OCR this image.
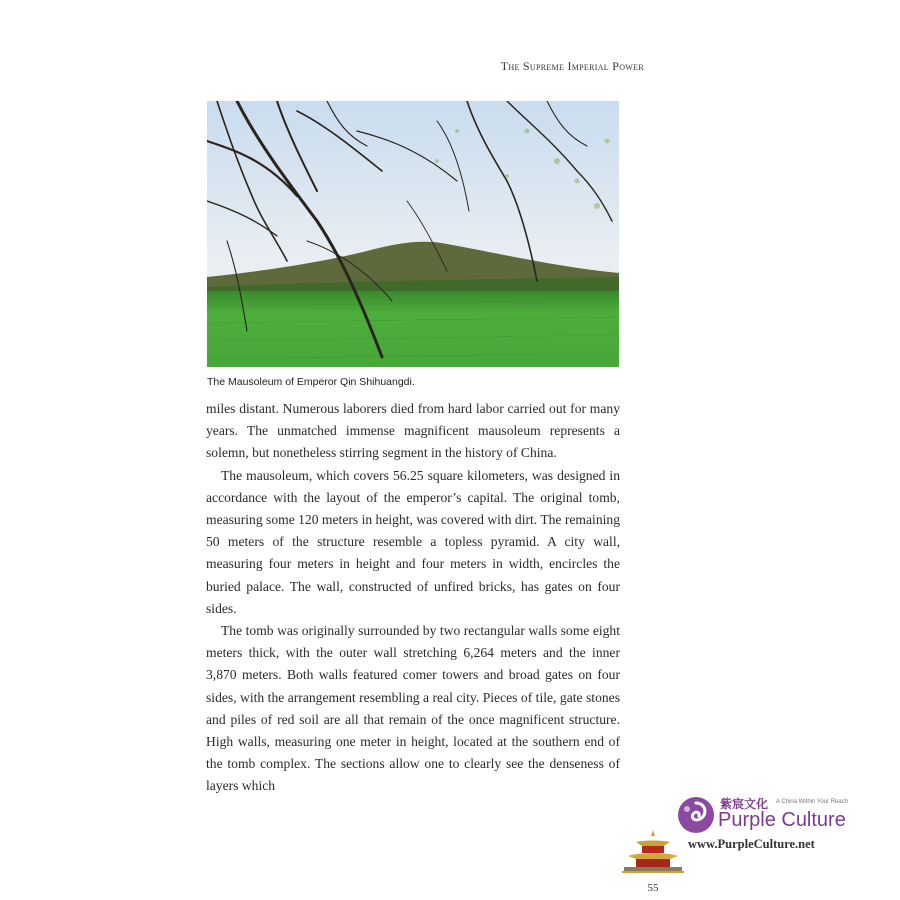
The Supreme Imperial Power
The Mausoleum of Emperor Qin Shihuangdi.

miles distant. Numerous laborers died from hard labor carried out for many years. The unmatched immense magnificent mausoleum represents a solemn, but nonetheless stirring segment in the history of China.

The mausoleum, which covers 56.25 square kilometers, was designed in accordance with the layout of the emperor’s capital. The original tomb, measuring some 120 meters in height, was covered with dirt. The remaining 50 meters of the structure resemble a topless pyramid. A city wall, measuring four meters in height and four meters in width, encircles the buried palace. The wall, constructed of unfired bricks, has gates on four sides.

The tomb was originally surrounded by two rectangular walls some eight meters thick, with the outer wall stretching 6,264 meters and the inner 3,870 meters. Both walls featured comer towers and broad gates on four sides, with the arrangement resembling a real city. Pieces of tile, gate stones and piles of red soil are all that remain of the once magnificent structure. High walls, measuring one meter in height, located at the southern end of the tomb complex. The sections allow one to clearly see the denseness of layers which

紫宸文化 A China Within Your Reach
Purple Culture
www.PurpleCulture.net
55
